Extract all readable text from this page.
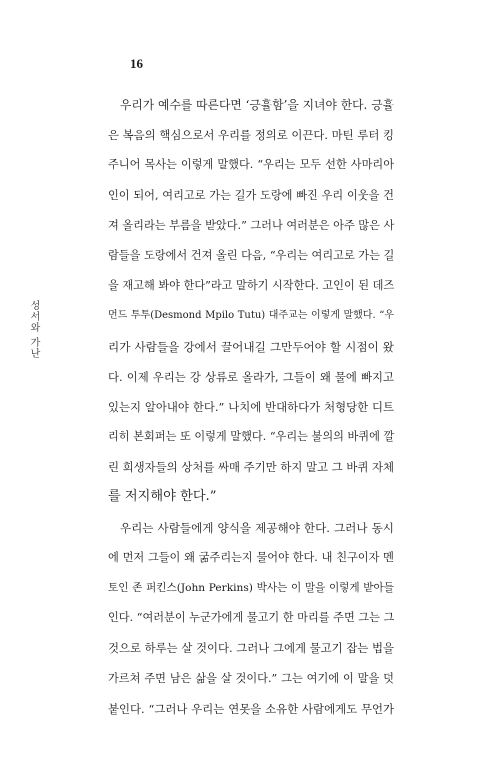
16
성서와 가난
　우리가 예수를 따른다면 ‘긍휼함’을 지녀야 한다. 긍휼
은 복음의 핵심으로서 우리를 정의로 이끈다. 마틴 루터 킹
주니어 목사는 이렇게 말했다. “우리는 모두 선한 사마리아
인이 되어, 여리고로 가는 길가 도랑에 빠진 우리 이웃을 건
져 올리라는 부름을 받았다.” 그러나 여러분은 아주 많은 사
람들을 도랑에서 건져 올린 다음, “우리는 여리고로 가는 길
을 재고해 봐야 한다”라고 말하기 시작한다. 고인이 된 데즈
먼드 투투(Desmond Mpilo Tutu) 대주교는 이렇게 말했다. “우
리가 사람들을 강에서 끌어내길 그만두어야 할 시점이 왔
다. 이제 우리는 강 상류로 올라가, 그들이 왜 물에 빠지고
있는지 알아내야 한다.” 나치에 반대하다가 처형당한 디트
리히 본회퍼는 또 이렇게 말했다. “우리는 불의의 바퀴에 깔
린 희생자들의 상처를 싸매 주기만 하지 말고 그 바퀴 자체
를 저지해야 한다.”
　우리는 사람들에게 양식을 제공해야 한다. 그러나 동시
에 먼저 그들이 왜 굶주리는지 물어야 한다. 내 친구이자 멘
토인 존 퍼킨스(John Perkins) 박사는 이 말을 이렇게 받아들
인다. “여러분이 누군가에게 물고기 한 마리를 주면 그는 그
것으로 하루는 살 것이다. 그러나 그에게 물고기 잡는 법을
가르쳐 주면 남은 삶을 살 것이다.” 그는 여기에 이 말을 덧
붙인다. “그러나 우리는 연못을 소유한 사람에게도 무언가
